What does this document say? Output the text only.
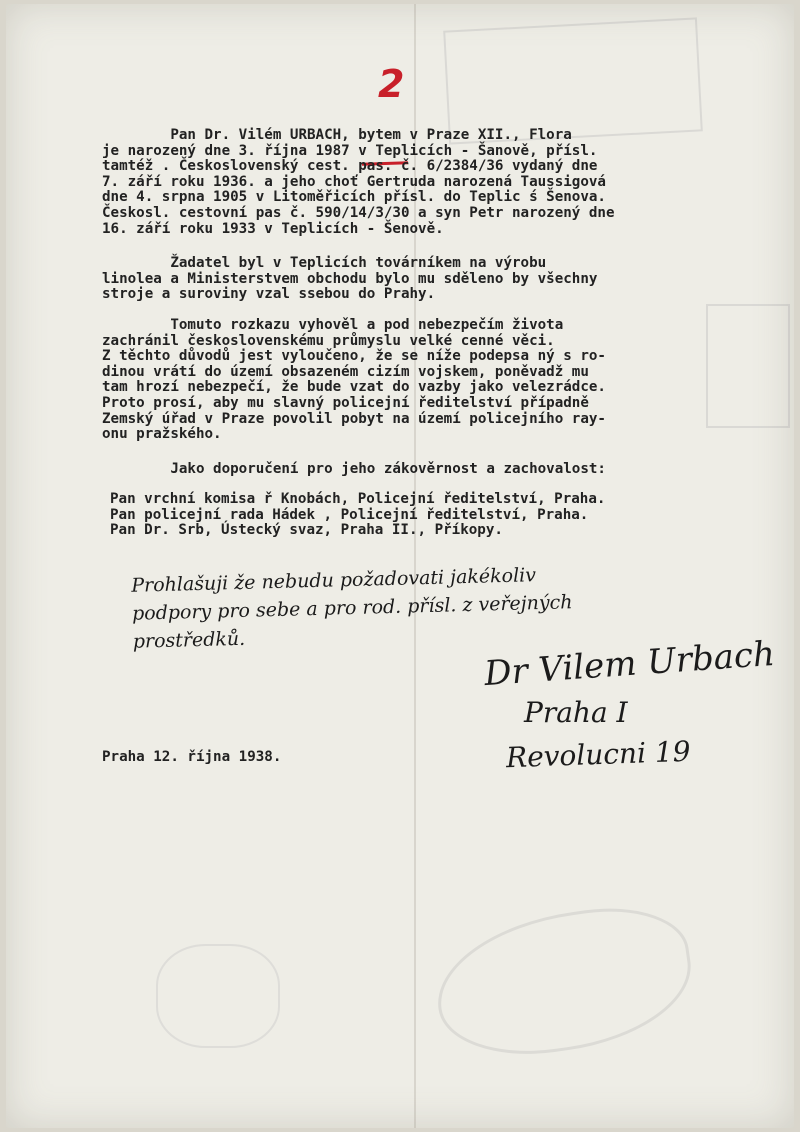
2
Pan Dr. Vilém URBACH, bytem v Praze XII., Flora
je narozený dne 3. října 1987 v Teplicích - Šanově, přísl.
tamtéž . Československý cest. pas. č. 6/2384/36 vydaný dne
7. září roku 1936. a jeho choť Gertruda narozená Taussigová
dne 4. srpna 1905 v Litoměřicích přísl. do Teplic ś Šenova.
Českosl. cestovní pas č. 590/14/3/30 a syn Petr narozený dne
16. září roku 1933 v Teplicích - Šenově.
Žadatel byl v Teplicích továrníkem na výrobu
linolea a Ministerstvem obchodu bylo mu sděleno by všechny
stroje a suroviny vzal ssebou do Prahy.
Tomuto rozkazu vyhověl a pod nebezpečím života
zachránil československému průmyslu velké cenné věci.
Z těchto důvodů jest vyloučeno, že se níže podepsa ný s ro-
dinou vrátí do území obsazeném cizím vojskem, poněvadž mu
tam hrozí nebezpečí, že bude vzat do vazby jako velezrádce.
Proto prosí, aby mu slavný policejní ředitelství případně
Zemský úřad v Praze povolil pobyt na území policejního ray-
onu pražského.
Jako doporučení pro jeho zákověrnost a zachovalost:
Pan vrchní komisa ř Knobách, Policejní ředitelství, Praha.
Pan policejní rada Hádek , Policejní ředitelství, Praha.
Pan Dr. Srb, Ústecký svaz, Praha II., Příkopy.
Prohlašuji že nebudu požadovati jakékoliv
podpory pro sebe a pro rod. přísl. z veřejných
prostředků.
Praha 12. října 1938.
Dr Vilem Urbach
Praha I
Revolucni 19
